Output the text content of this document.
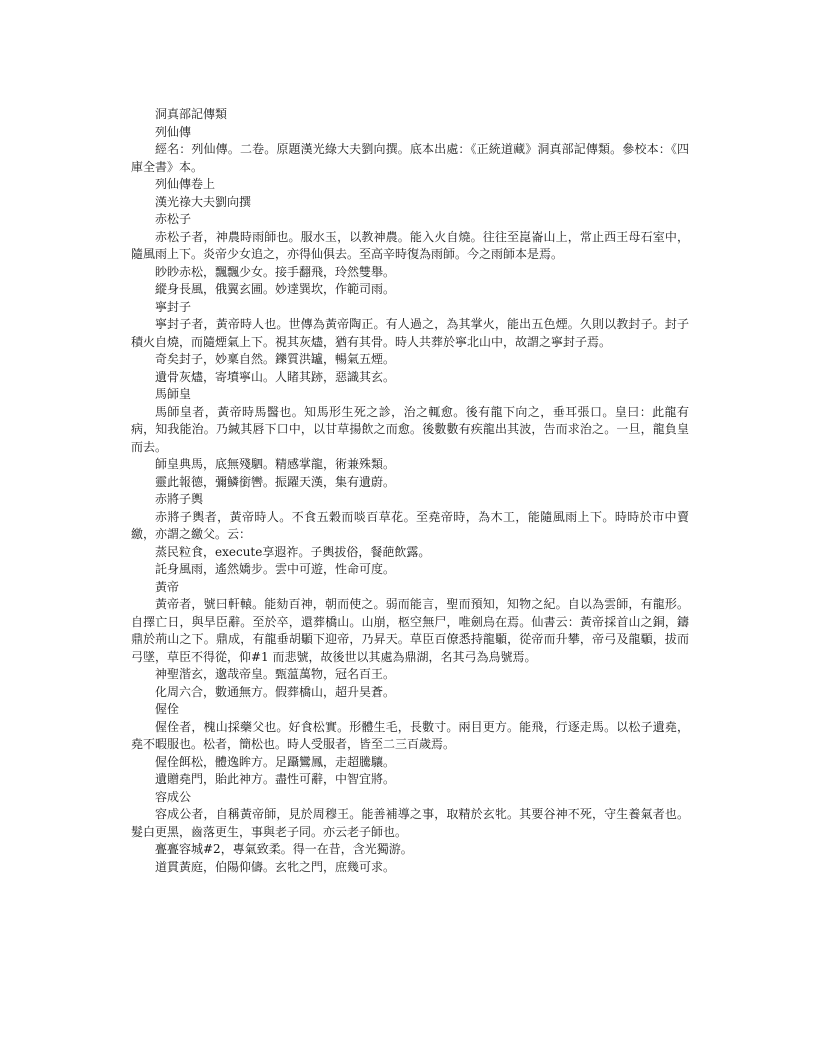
洞真部記傳類

列仙傳

經名：列仙傳。二卷。原題漢光綠大夫劉向撰。底本出處：《正統道藏》洞真部記傳類。參校本：《四庫全書》本。

列仙傳卷上

漢光祿大夫劉向撰

赤松子

赤松子者，神農時雨師也。服水玉，以教神農。能入火自燒。往往至崑崙山上，常止西王母石室中，隨風雨上下。炎帝少女追之，亦得仙俱去。至高辛時復為雨師。今之雨師本是焉。

眇眇赤松，飄飄少女。接手翻飛，玲然雙舉。

縱身長風，俄翼玄圃。妙達巽坎，作範司雨。

寧封子

寧封子者，黃帝時人也。世傳為黃帝陶正。有人過之，為其掌火，能出五色煙。久則以教封子。封子積火自燒，而隨煙氣上下。視其灰燼，猶有其骨。時人共葬於寧北山中，故謂之寧封子焉。

奇矣封子，妙稟自然。鑠質洪罏，暢氣五煙。

遺骨灰燼，寄墳寧山。人睹其跡，惡識其玄。

馬師皇

馬師皇者，黃帝時馬醫也。知馬形生死之診，治之輒愈。後有龍下向之，垂耳張口。皇曰：此龍有病，知我能治。乃緘其唇下口中，以甘草揚飲之而愈。後數數有疾龍出其波，告而求治之。一旦，龍負皇而去。

師皇典馬，底無殘駟。精感掌龍，術兼殊類。

靈此報德，彌鱗銜轡。振躍天漢，集有遺蔚。

赤將子輿

赤將子輿者，黃帝時人。不食五穀而啖百草花。至堯帝時，為木工，能隨風雨上下。時時於市中賣繳，亦謂之繳父。云：

蒸民粒食，execute享遐祚。子輿拔俗，餐葩飲露。

託身風雨，遙然嬌步。雲中可遊，性命可度。

黃帝

黃帝者，號曰軒轅。能劾百神，朝而使之。弱而能言，聖而預知，知物之紀。自以為雲師，有龍形。自擇亡日，與旱臣辭。至於卒，還葬橋山。山崩，柩空無尸，唯劍烏在焉。仙書云：黃帝採首山之銅，鑄鼎於荊山之下。鼎成，有龍垂胡䫳下迎帝，乃昇天。草臣百僚悉持龍䫳，從帝而升攀，帝弓及龍䫳，拔而弓墜，草臣不得從，仰#1 而悲號，故後世以其處為鼎湖，名其弓為烏號焉。

神聖湝玄，邈哉帝皇。甄蕰萬物，冠名百王。

化周六合，數通無方。假葬橋山，超升昊蒼。

偓佺

偓佺者，槐山採藥父也。好食松實。形體生毛，長數寸。兩目更方。能飛，行逐走馬。以松子遺堯，堯不暇服也。松者，簡松也。時人受服者，皆至二三百歲焉。

偓佺餌松，體逸眸方。足躡鸞鳳，走超騰驤。

遺贈堯門，貽此神方。盡性可辭，中智宜將。

容成公

容成公者，自稱黃帝師，見於周穆王。能善補導之事，取精於玄牝。其要谷神不死，守生養氣者也。髮白更黑，齒落更生，事與老子同。亦云老子師也。

亹亹容城#2，專氣致柔。得一在昔，含光獨游。

道貫黃庭，伯陽仰儔。玄牝之門，庶幾可求。
